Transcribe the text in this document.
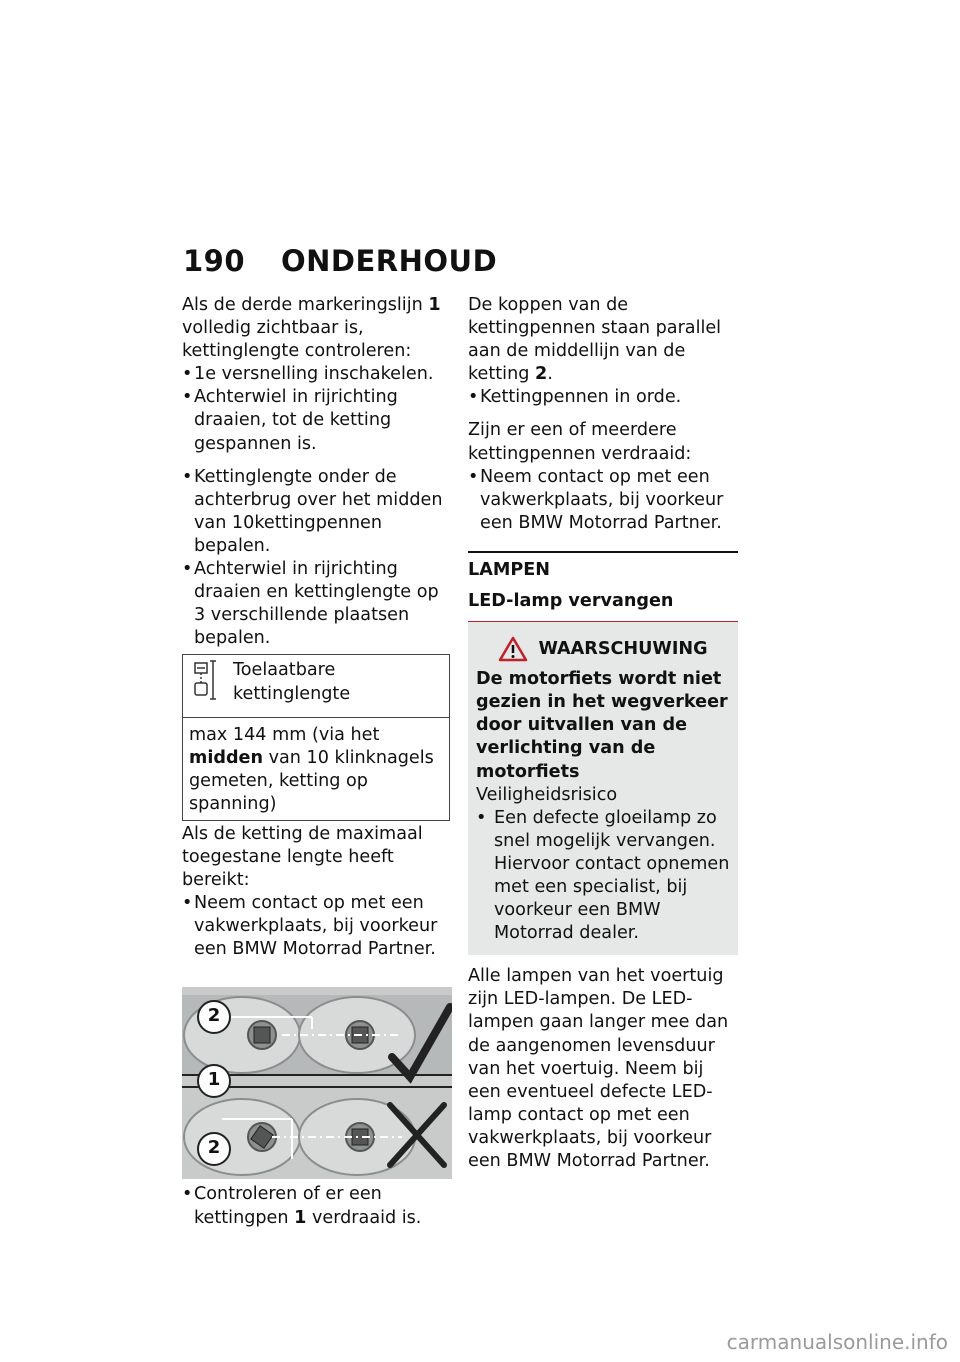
190 ONDERHOUD

Als de derde markeringslijn 1 volledig zichtbaar is, kettinglengte controleren:

• 1e versnelling inschakelen.
• Achterwiel in rijrichting draaien, tot de ketting gespannen is.
• Kettinglengte onder de achterbrug over het midden van 10kettingpennen bepalen.
• Achterwiel in rijrichting draaien en kettinglengte op 3 verschillende plaatsen bepalen.
Toelaatbare kettinglengte
max 144 mm (via het midden van 10 klinknagels gemeten, ketting op spanning)

Als de ketting de maximaal toegestane lengte heeft bereikt:

• Neem contact op met een vakwerkplaats, bij voorkeur een BMW Motorrad Partner.
2
1
2
• Controleren of er een kettingpen 1 verdraaid is.

De koppen van de kettingpennen staan parallel aan de middellijn van de ketting 2.

• Kettingpennen in orde.

Zijn er een of meerdere kettingpennen verdraaid:

• Neem contact op met een vakwerkplaats, bij voorkeur een BMW Motorrad Partner.
LAMPEN
LED-lamp vervangen
WAARSCHUWING
De motorfiets wordt niet gezien in het wegverkeer door uitvallen van de verlichting van de motorfiets
Veiligheidsrisico
• Een defecte gloeilamp zo snel mogelijk vervangen. Hiervoor contact opnemen met een specialist, bij voorkeur een BMW Motorrad dealer.

Alle lampen van het voertuig zijn LED-lampen. De LED-lampen gaan langer mee dan de aangenomen levensduur van het voertuig. Neem bij een eventueel defecte LED-lamp contact op met een vakwerkplaats, bij voorkeur een BMW Motorrad Partner.

carmanualsonline.info
